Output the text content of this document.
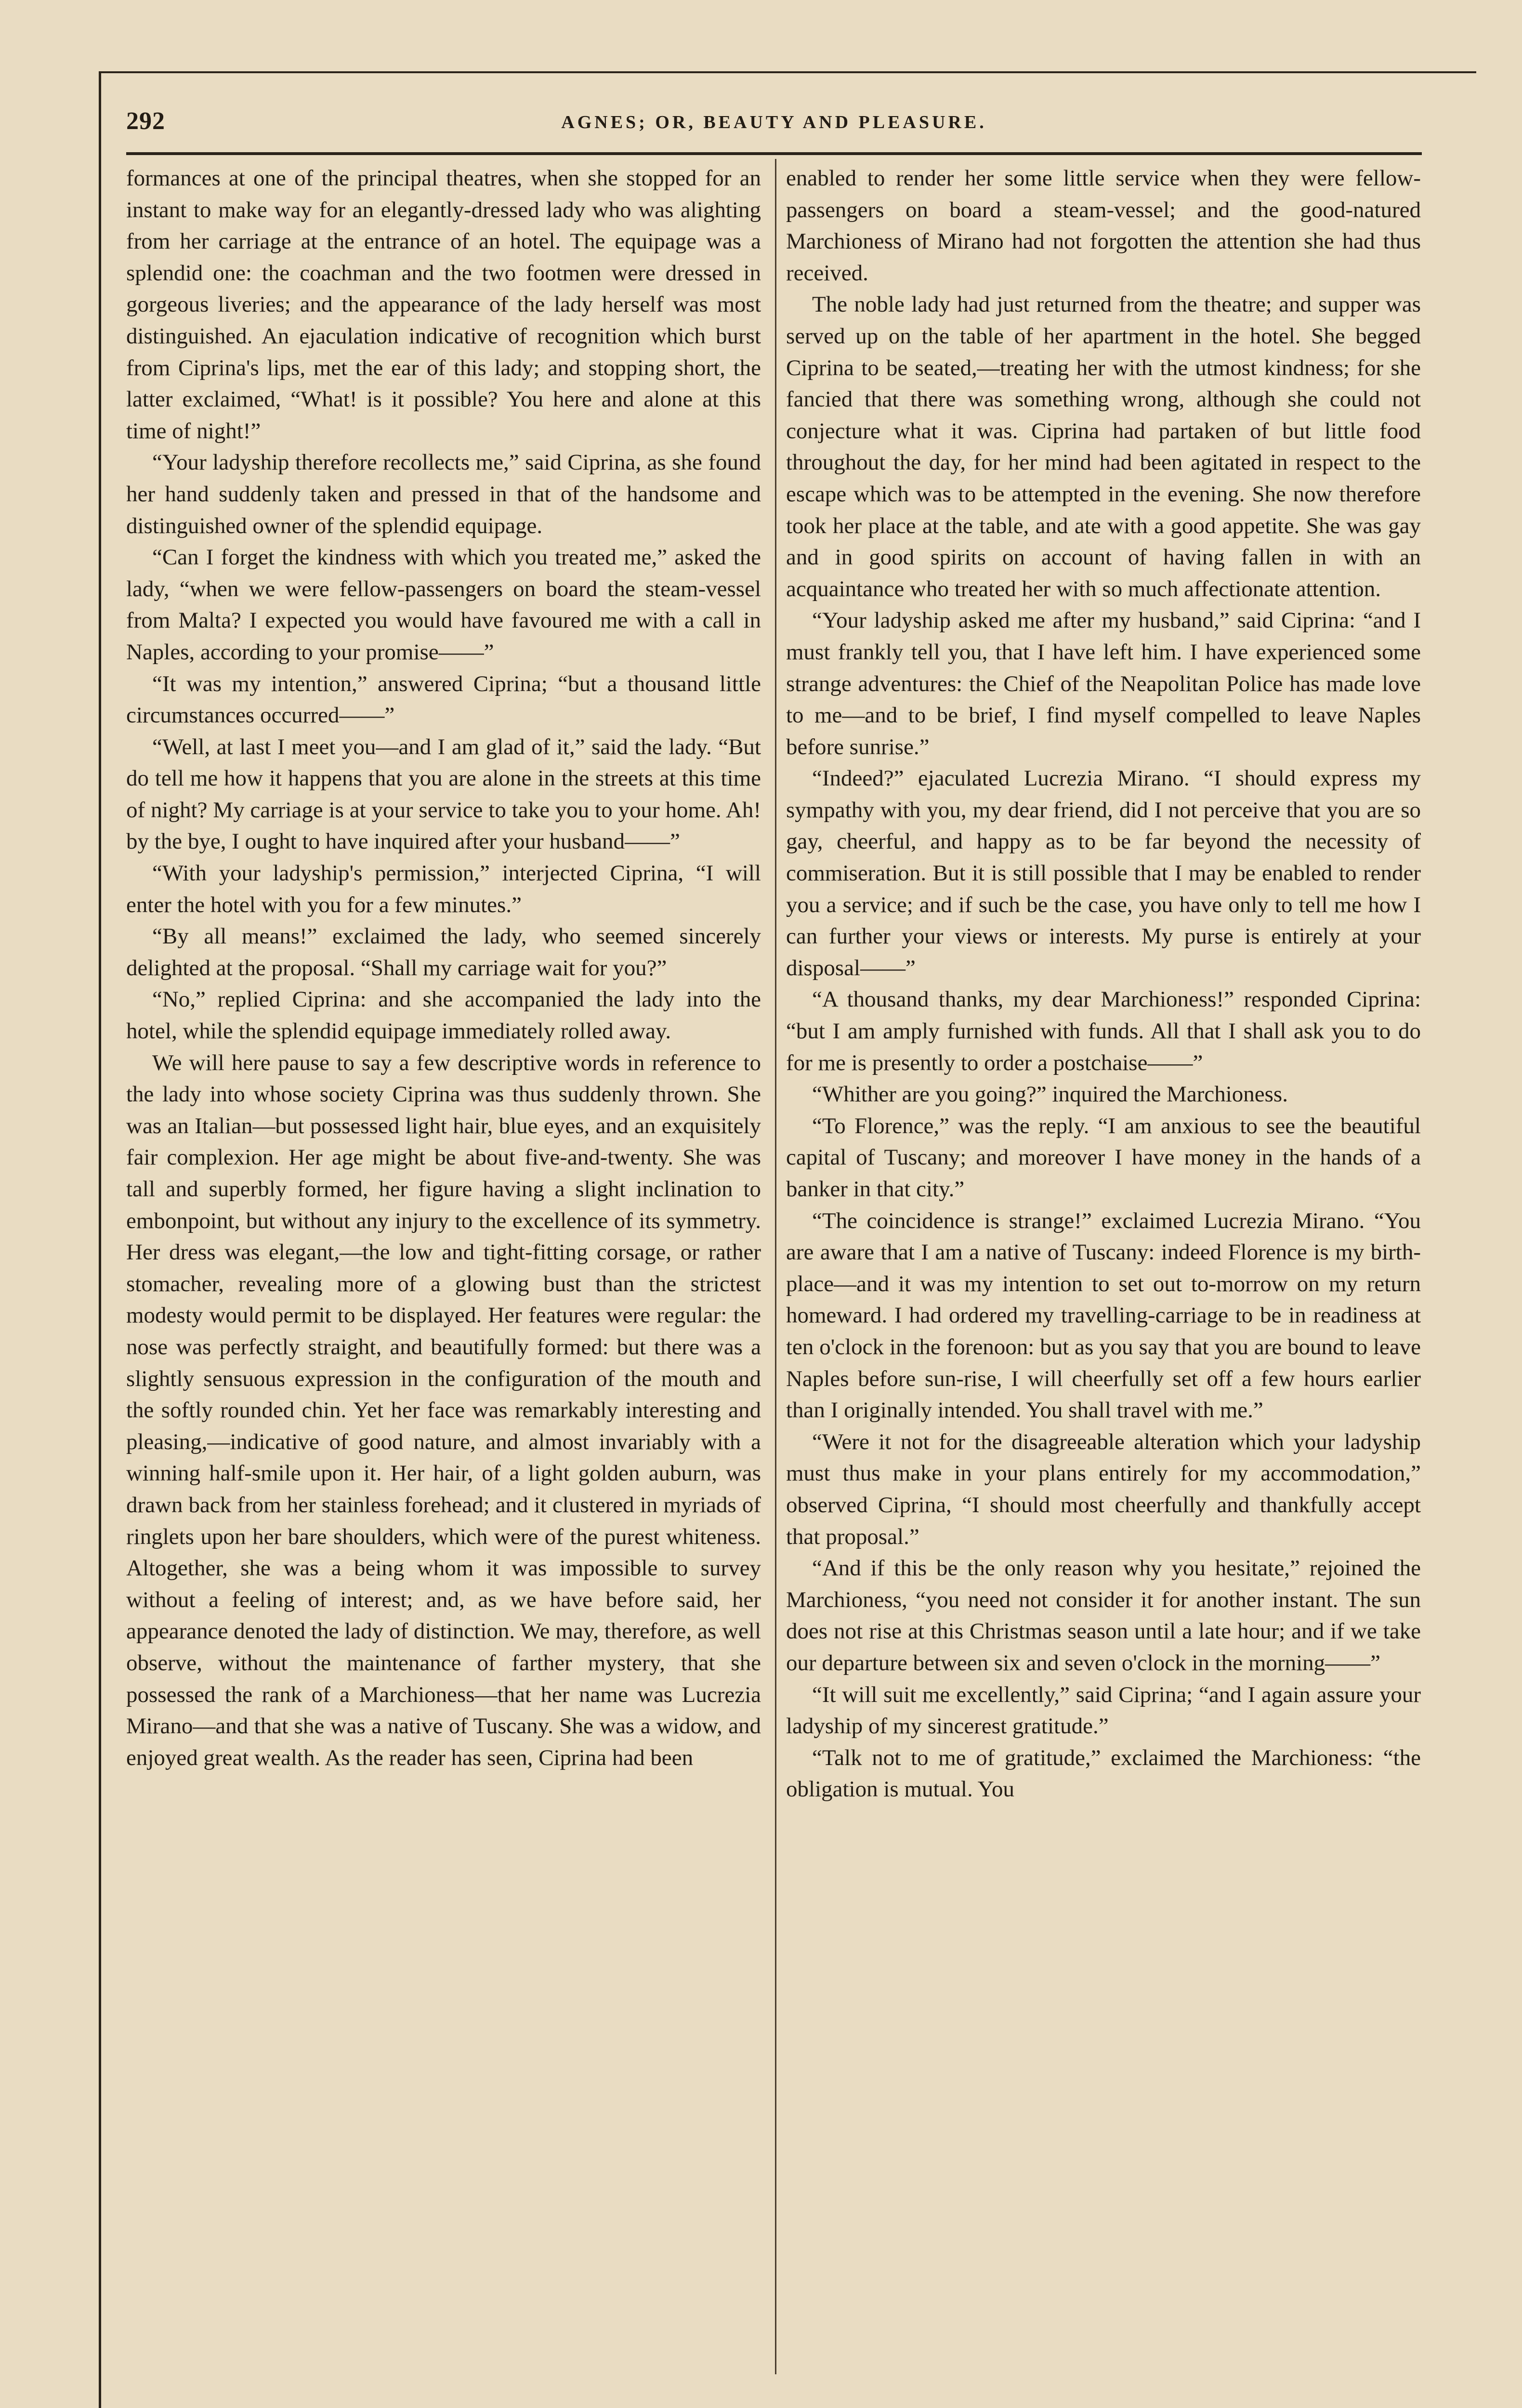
292	AGNES; OR, BEAUTY AND PLEASURE.

formances at one of the principal theatres, when she stopped for an instant to make way for an elegantly-dressed lady who was alighting from her carriage at the entrance of an hotel. The equipage was a splendid one: the coachman and the two footmen were dressed in gorgeous liveries; and the appearance of the lady herself was most distinguished. An ejaculation indicative of recognition which burst from Ciprina's lips, met the ear of this lady; and stopping short, the latter exclaimed, “What! is it possible? You here and alone at this time of night!”

“Your ladyship therefore recollects me,” said Ciprina, as she found her hand suddenly taken and pressed in that of the handsome and distinguished owner of the splendid equipage.

“Can I forget the kindness with which you treated me,” asked the lady, “when we were fellow-passengers on board the steam-vessel from Malta? I expected you would have favoured me with a call in Naples, according to your promise——”

“It was my intention,” answered Ciprina; “but a thousand little circumstances occurred——”

“Well, at last I meet you—and I am glad of it,” said the lady. “But do tell me how it happens that you are alone in the streets at this time of night? My carriage is at your service to take you to your home. Ah! by the bye, I ought to have inquired after your husband——”

“With your ladyship's permission,” interjected Ciprina, “I will enter the hotel with you for a few minutes.”

“By all means!” exclaimed the lady, who seemed sincerely delighted at the proposal. “Shall my carriage wait for you?”

“No,” replied Ciprina: and she accompanied the lady into the hotel, while the splendid equipage immediately rolled away.

We will here pause to say a few descriptive words in reference to the lady into whose society Ciprina was thus suddenly thrown. She was an Italian—but possessed light hair, blue eyes, and an exquisitely fair complexion. Her age might be about five-and-twenty. She was tall and superbly formed, her figure having a slight inclination to embonpoint, but without any injury to the excellence of its symmetry. Her dress was elegant,—the low and tight-fitting corsage, or rather stomacher, revealing more of a glowing bust than the strictest modesty would permit to be displayed. Her features were regular: the nose was perfectly straight, and beautifully formed: but there was a slightly sensuous expression in the configuration of the mouth and the softly rounded chin. Yet her face was remarkably interesting and pleasing,—indicative of good nature, and almost invariably with a winning half-smile upon it. Her hair, of a light golden auburn, was drawn back from her stainless forehead; and it clustered in myriads of ringlets upon her bare shoulders, which were of the purest whiteness. Altogether, she was a being whom it was impossible to survey without a feeling of interest; and, as we have before said, her appearance denoted the lady of distinction. We may, therefore, as well observe, without the maintenance of farther mystery, that she possessed the rank of a Marchioness—that her name was Lucrezia Mirano—and that she was a native of Tuscany. She was a widow, and enjoyed great wealth. As the reader has seen, Ciprina had been

enabled to render her some little service when they were fellow-passengers on board a steam-vessel; and the good-natured Marchioness of Mirano had not forgotten the attention she had thus received.

The noble lady had just returned from the theatre; and supper was served up on the table of her apartment in the hotel. She begged Ciprina to be seated,—treating her with the utmost kindness; for she fancied that there was something wrong, although she could not conjecture what it was. Ciprina had partaken of but little food throughout the day, for her mind had been agitated in respect to the escape which was to be attempted in the evening. She now therefore took her place at the table, and ate with a good appetite. She was gay and in good spirits on account of having fallen in with an acquaintance who treated her with so much affectionate attention.

“Your ladyship asked me after my husband,” said Ciprina: “and I must frankly tell you, that I have left him. I have experienced some strange adventures: the Chief of the Neapolitan Police has made love to me—and to be brief, I find myself compelled to leave Naples before sunrise.”

“Indeed?” ejaculated Lucrezia Mirano. “I should express my sympathy with you, my dear friend, did I not perceive that you are so gay, cheerful, and happy as to be far beyond the necessity of commiseration. But it is still possible that I may be enabled to render you a service; and if such be the case, you have only to tell me how I can further your views or interests. My purse is entirely at your disposal——”

“A thousand thanks, my dear Marchioness!” responded Ciprina: “but I am amply furnished with funds. All that I shall ask you to do for me is presently to order a postchaise——”

“Whither are you going?” inquired the Marchioness.

“To Florence,” was the reply. “I am anxious to see the beautiful capital of Tuscany; and moreover I have money in the hands of a banker in that city.”

“The coincidence is strange!” exclaimed Lucrezia Mirano. “You are aware that I am a native of Tuscany: indeed Florence is my birth-place—and it was my intention to set out to-morrow on my return homeward. I had ordered my travelling-carriage to be in readiness at ten o'clock in the forenoon: but as you say that you are bound to leave Naples before sun-rise, I will cheerfully set off a few hours earlier than I originally intended. You shall travel with me.”

“Were it not for the disagreeable alteration which your ladyship must thus make in your plans entirely for my accommodation,” observed Ciprina, “I should most cheerfully and thankfully accept that proposal.”

“And if this be the only reason why you hesitate,” rejoined the Marchioness, “you need not consider it for another instant. The sun does not rise at this Christmas season until a late hour; and if we take our departure between six and seven o'clock in the morning——”

“It will suit me excellently,” said Ciprina; “and I again assure your ladyship of my sincerest gratitude.”

“Talk not to me of gratitude,” exclaimed the Marchioness: “the obligation is mutual. You
